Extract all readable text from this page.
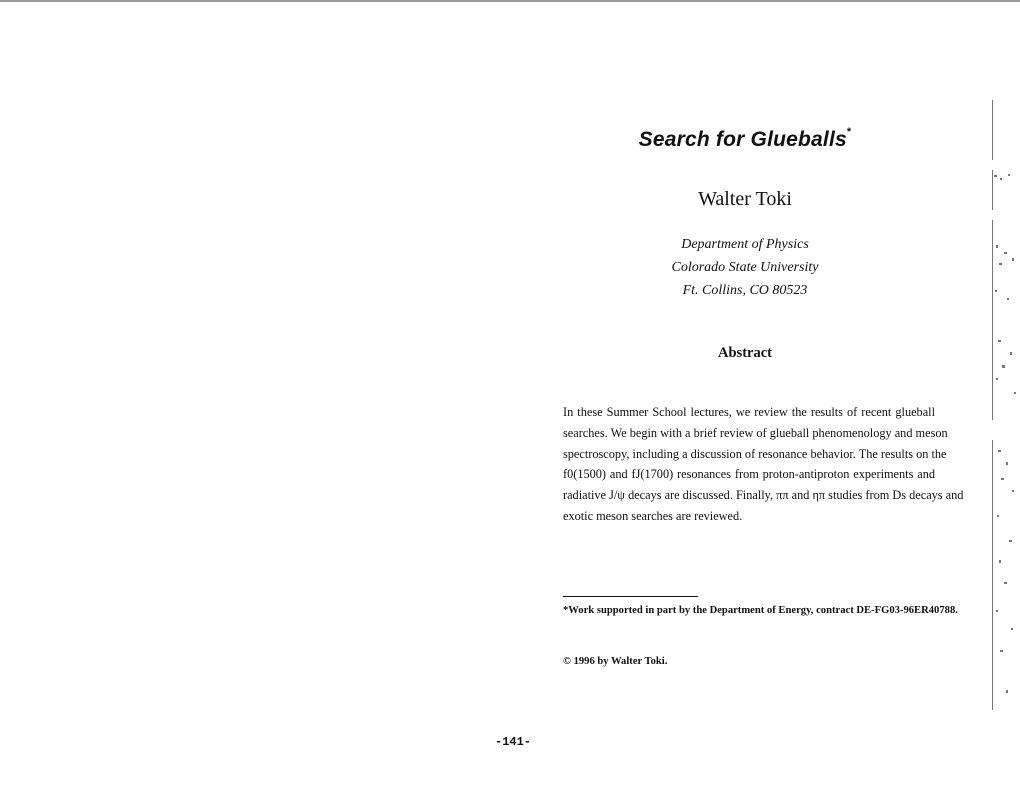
Search for Glueballs*
Walter Toki
Department of Physics
Colorado State University
Ft. Collins, CO 80523
Abstract
In these Summer School lectures, we review the results of recent glueball
searches. We begin with a brief review of glueball phenomenology and meson
spectroscopy, including a discussion of resonance behavior. The results on the
f0(1500) and fJ(1700) resonances from proton-antiproton experiments and
radiative J/ψ decays are discussed. Finally, ππ and ηπ studies from Ds decays and
exotic meson searches are reviewed.
*Work supported in part by the Department of Energy, contract DE-FG03-96ER40788.
© 1996 by Walter Toki.
-141-
